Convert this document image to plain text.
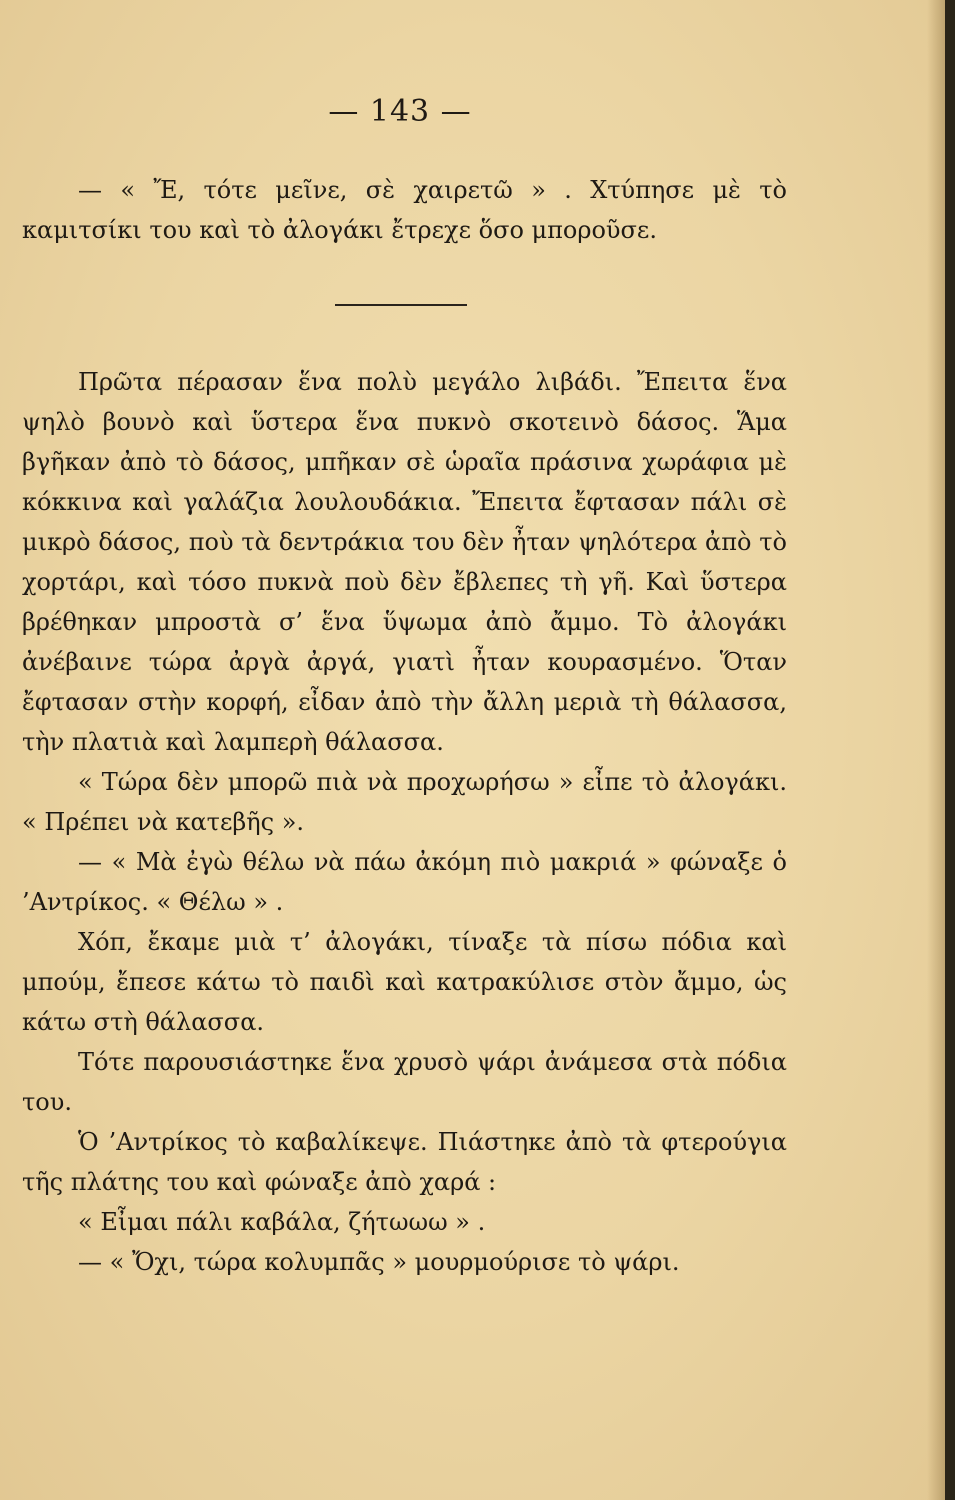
— 143 —

— « Ἔ, τότε μεῖνε, σὲ χαιρετῶ » . Χτύπησε μὲ τὸ καμιτσίκι του καὶ τὸ ἀλογάκι ἔτρεχε ὅσο μποροῦσε.

Πρῶτα πέρασαν ἕνα πολὺ μεγάλο λιβάδι. Ἔπειτα ἕνα ψηλὸ βουνὸ καὶ ὕστερα ἕνα πυκνὸ σκοτεινὸ δάσος. Ἅμα βγῆκαν ἀπὸ τὸ δάσος, μπῆκαν σὲ ὡραῖα πράσινα χωράφια μὲ κόκκινα καὶ γαλάζια λουλουδάκια. Ἔπειτα ἔφτασαν πάλι σὲ μικρὸ δάσος, ποὺ τὰ δεντράκια του δὲν ἦταν ψηλότερα ἀπὸ τὸ χορτάρι, καὶ τόσο πυκνὰ ποὺ δὲν ἔβλεπες τὴ γῆ. Καὶ ὕστερα βρέθηκαν μπροστὰ σ’ ἕνα ὕψωμα ἀπὸ ἄμμο. Τὸ ἀλογάκι ἀνέβαινε τώρα ἀργὰ ἀργά, γιατὶ ἦταν κουρασμένο. Ὅταν ἔφτασαν στὴν κορφή, εἶδαν ἀπὸ τὴν ἄλλη μεριὰ τὴ θάλασσα, τὴν πλατιὰ καὶ λαμπερὴ θάλασσα.

« Τώρα δὲν μπορῶ πιὰ νὰ προχωρήσω » εἶπε τὸ ἀλογάκι. « Πρέπει νὰ κατεβῆς ».

— « Μὰ ἐγὼ θέλω νὰ πάω ἀκόμη πιὸ μακριά » φώναξε ὁ ’Αντρίκος. « Θέλω » .

Χόπ, ἔκαμε μιὰ τ’ ἀλογάκι, τίναξε τὰ πίσω πόδια καὶ μπούμ, ἔπεσε κάτω τὸ παιδὶ καὶ κατρακύλισε στὸν ἄμμο, ὡς κάτω στὴ θάλασσα.

Τότε παρουσιάστηκε ἕνα χρυσὸ ψάρι ἀνάμεσα στὰ πόδια του.

Ὁ ’Αντρίκος τὸ καβαλίκεψε. Πιάστηκε ἀπὸ τὰ φτερούγια τῆς πλάτης του καὶ φώναξε ἀπὸ χαρά :

« Εἶμαι πάλι καβάλα, ζήτωωω » .

— « Ὄχι, τώρα κολυμπᾶς » μουρμούρισε τὸ ψάρι.
